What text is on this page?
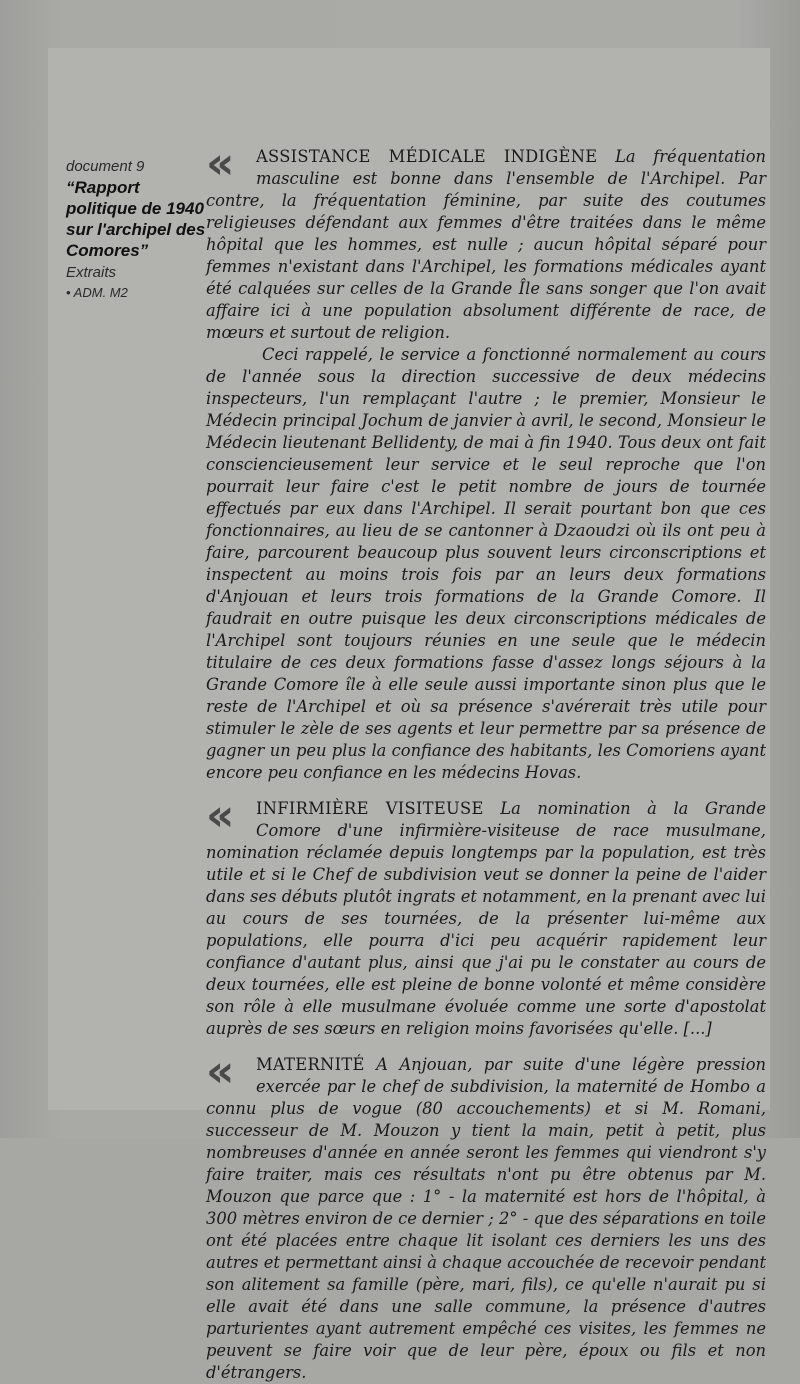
document 9
“Rapport politique de 1940 sur l'archipel des Comores”
Extraits
• ADM. M2

«	ASSISTANCE MÉDICALE INDIGÈNE La fréquentation masculine est bonne dans l'ensemble de l'Archipel. Par contre, la fréquentation féminine, par suite des coutumes religieuses défendant aux femmes d'être traitées dans le même hôpital que les hommes, est nulle ; aucun hôpital séparé pour femmes n'existant dans l'Archipel, les formations médicales ayant été calquées sur celles de la Grande Île sans songer que l'on avait affaire ici à une population absolument différente de race, de mœurs et surtout de religion.

Ceci rappelé, le service a fonctionné normalement au cours de l'année sous la direction successive de deux médecins inspecteurs, l'un remplaçant l'autre ; le premier, Monsieur le Médecin principal Jochum de janvier à avril, le second, Monsieur le Médecin lieutenant Bellidenty, de mai à fin 1940. Tous deux ont fait consciencieusement leur service et le seul reproche que l'on pourrait leur faire c'est le petit nombre de jours de tournée effectués par eux dans l'Archipel. Il serait pourtant bon que ces fonctionnaires, au lieu de se cantonner à Dzaoudzi où ils ont peu à faire, parcourent beaucoup plus souvent leurs circonscriptions et inspectent au moins trois fois par an leurs deux formations d'Anjouan et leurs trois formations de la Grande Comore. Il faudrait en outre puisque les deux circonscriptions médicales de l'Archipel sont toujours réunies en une seule que le médecin titulaire de ces deux formations fasse d'assez longs séjours à la Grande Comore île à elle seule aussi importante sinon plus que le reste de l'Archipel et où sa présence s'avérerait très utile pour stimuler le zèle de ses agents et leur permettre par sa présence de gagner un peu plus la confiance des habitants, les Comoriens ayant encore peu confiance en les médecins Hovas.

«	INFIRMIÈRE VISITEUSE La nomination à la Grande Comore d'une infirmière-visiteuse de race musulmane, nomination réclamée depuis longtemps par la population, est très utile et si le Chef de subdivision veut se donner la peine de l'aider dans ses débuts plutôt ingrats et notamment, en la prenant avec lui au cours de ses tournées, de la présenter lui-même aux populations, elle pourra d'ici peu acquérir rapidement leur confiance d'autant plus, ainsi que j'ai pu le constater au cours de deux tournées, elle est pleine de bonne volonté et même considère son rôle à elle musulmane évoluée comme une sorte d'apostolat auprès de ses sœurs en religion moins favorisées qu'elle. [...]

«	MATERNITÉ A Anjouan, par suite d'une légère pression exercée par le chef de subdivision, la maternité de Hombo a connu plus de vogue (80 accouchements) et si M. Romani, successeur de M. Mouzon y tient la main, petit à petit, plus nombreuses d'année en année seront les femmes qui viendront s'y faire traiter, mais ces résultats n'ont pu être obtenus par M. Mouzon que parce que : 1° - la maternité est hors de l'hôpital, à 300 mètres environ de ce dernier ; 2° - que des séparations en toile ont été placées entre chaque lit isolant ces derniers les uns des autres et permettant ainsi à chaque accouchée de recevoir pendant son alitement sa famille (père, mari, fils), ce qu'elle n'aurait pu si elle avait été dans une salle commune, la présence d'autres parturientes ayant autrement empêché ces visites, les femmes ne peuvent se faire voir que de leur père, époux ou fils et non d'étrangers.
